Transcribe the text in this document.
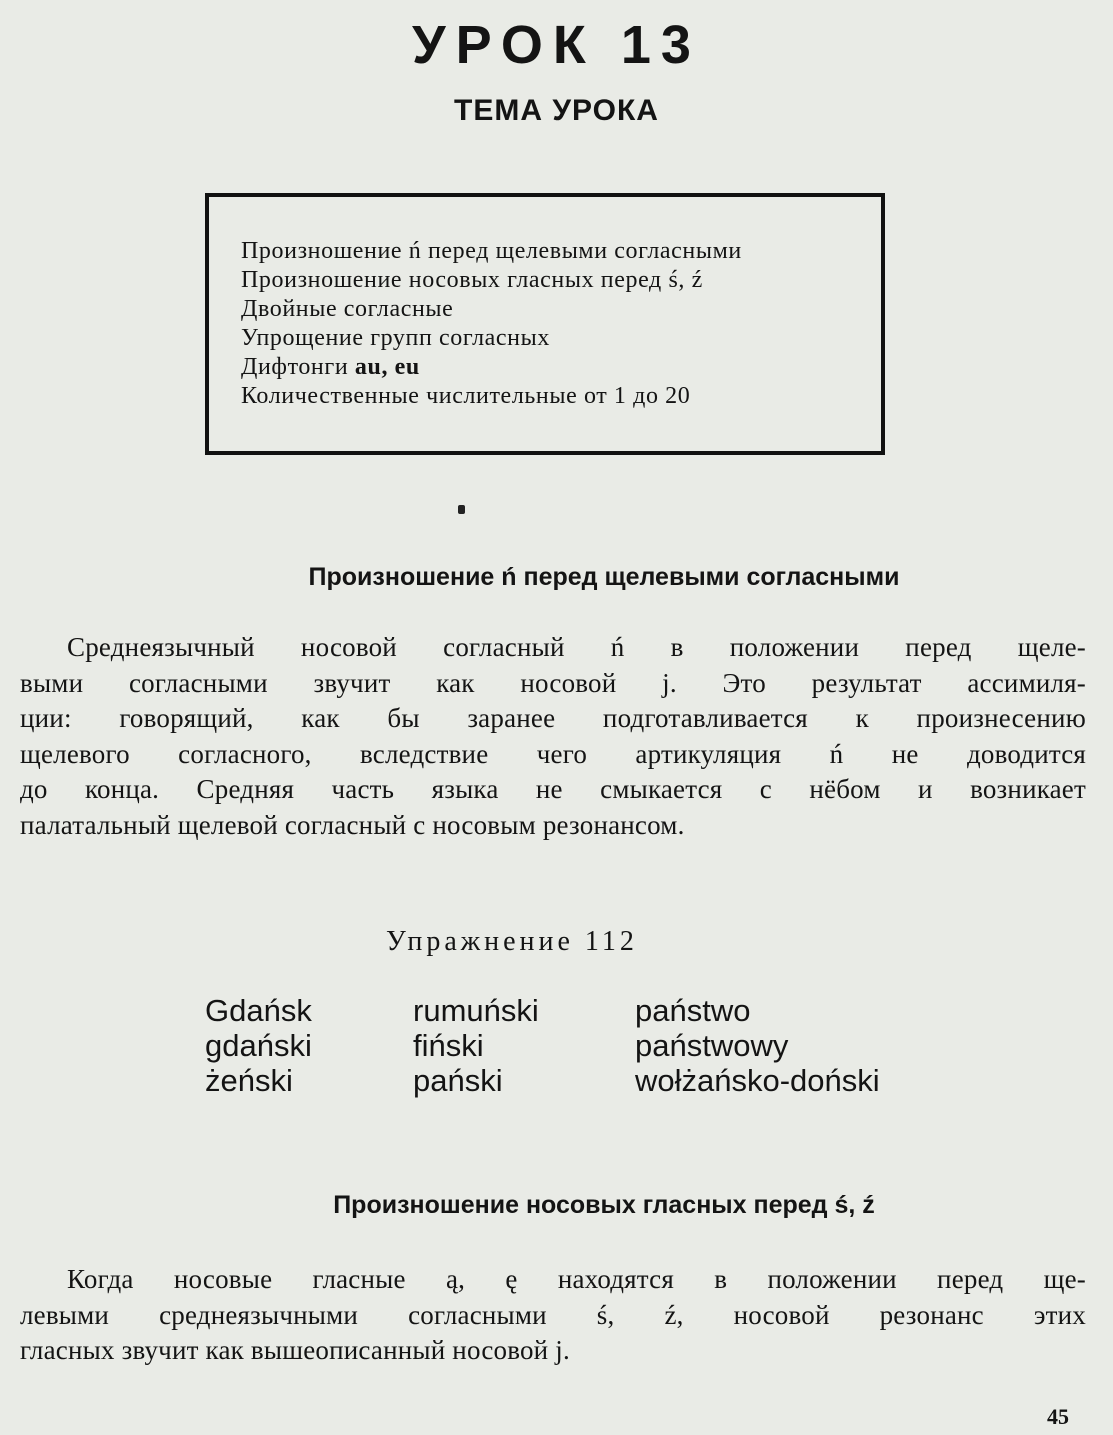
УРОК 13
ТЕМА УРОКА
Произношение ń перед щелевыми согласными
Произношение носовых гласных перед ś, ź
Двойные согласные
Упрощение групп согласных
Дифтонги au, eu
Количественные числительные от 1 до 20
Произношение ń перед щелевыми согласными
Среднеязычный носовой согласный ń в положении перед щеле-
выми согласными звучит как носовой j. Это результат ассимиля-
ции: говорящий, как бы заранее подготавливается к произнесению
щелевого согласного, вследствие чего артикуляция ń не доводится
до конца. Средняя часть языка не смыкается с нёбом и возникает
палатальный щелевой согласный с носовым резонансом.
Упражнение 112
Gdańsk
gdański
żeński
rumuński
fiński
pański
państwo
państwowy
wołżańsko-doński
Произношение носовых гласных перед ś, ź
Когда носовые гласные ą, ę находятся в положении перед ще-
левыми среднеязычными согласными ś, ź, носовой резонанс этих
гласных звучит как вышеописанный носовой j.
45
